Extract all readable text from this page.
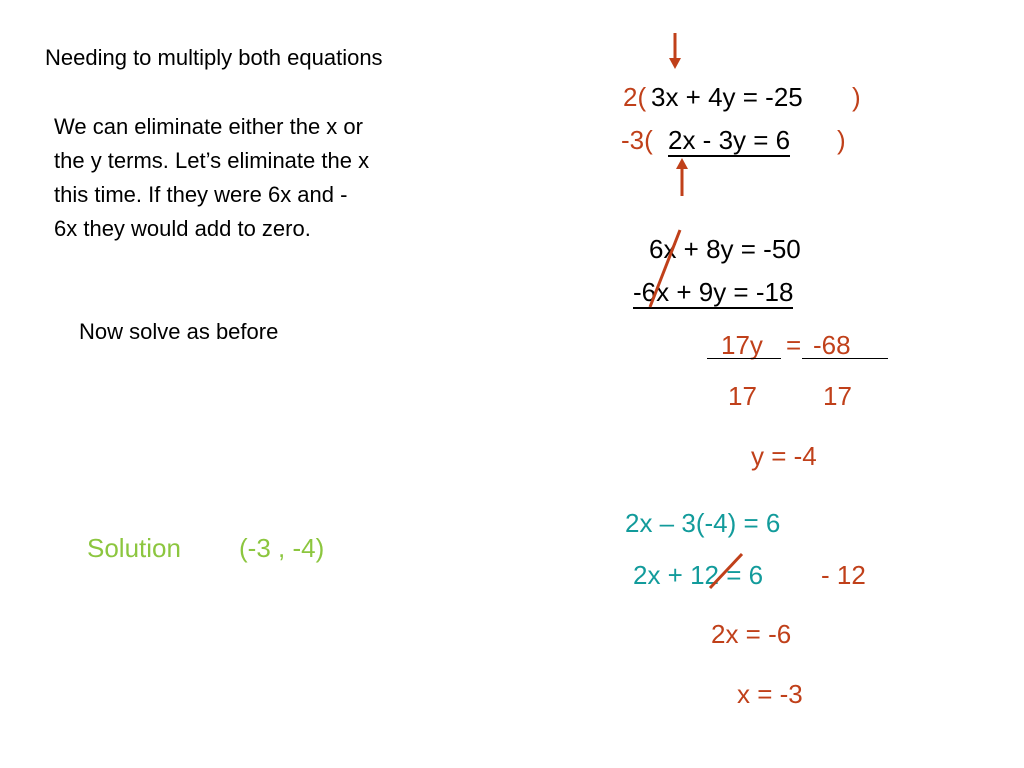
Needing to multiply both equations
We can eliminate either the x or
the y terms. Let’s eliminate the x
this time. If they were 6x and -
6x they would add to zero.
Now solve as before
Solution (-3 , -4)
2( 3x + 4y = -25 )
-3( 2x - 3y = 6 )
6x + 8y = -50
-6x + 9y = -18
17y = -68
17	17
y = -4
2x – 3(-4) = 6
2x + 12 = 6 - 12
2x = -6
x = -3
